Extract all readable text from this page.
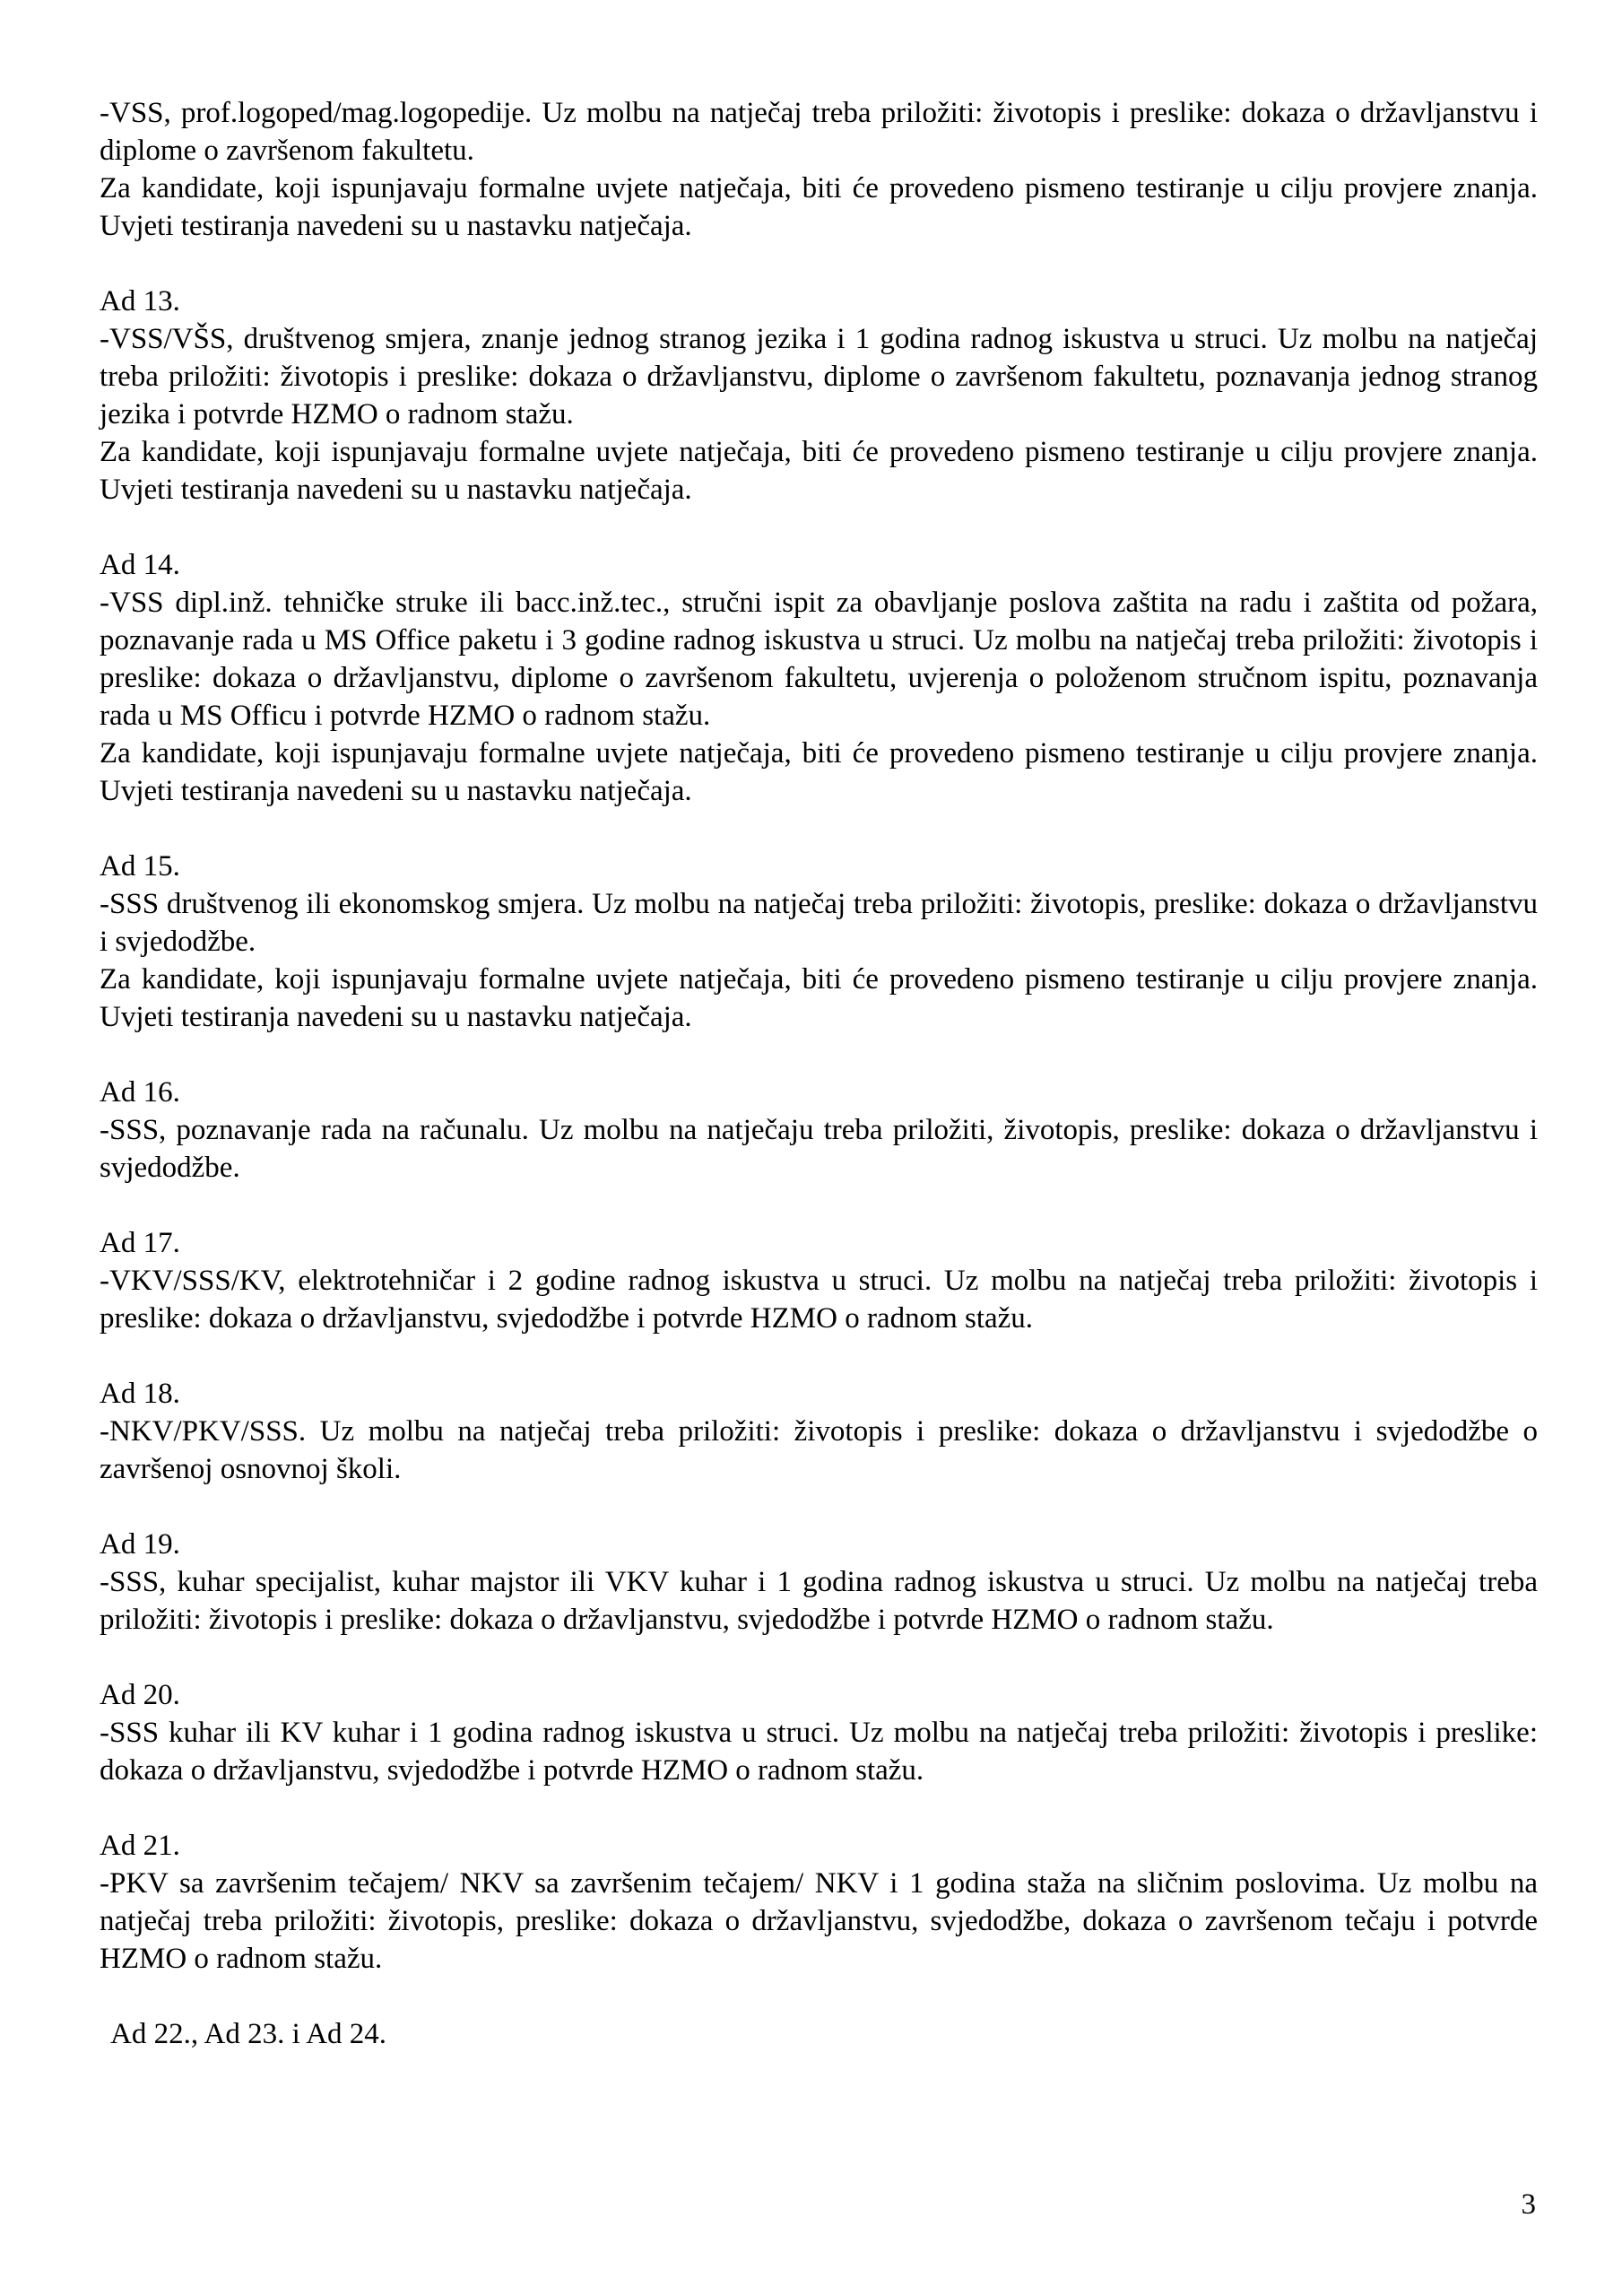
-VSS, prof.logoped/mag.logopedije. Uz molbu na natječaj treba priložiti: životopis i preslike: dokaza o državljanstvu i diplome o završenom fakultetu.

Za kandidate, koji ispunjavaju formalne uvjete natječaja, biti će provedeno pismeno testiranje u cilju provjere znanja. Uvjeti testiranja navedeni su u nastavku natječaja.

Ad 13.

-VSS/VŠS, društvenog smjera, znanje jednog stranog jezika i 1 godina radnog iskustva u struci. Uz molbu na natječaj treba priložiti: životopis i preslike: dokaza o državljanstvu, diplome o završenom fakultetu, poznavanja jednog stranog jezika i potvrde HZMO o radnom stažu.

Za kandidate, koji ispunjavaju formalne uvjete natječaja, biti će provedeno pismeno testiranje u cilju provjere znanja. Uvjeti testiranja navedeni su u nastavku natječaja.

Ad 14.

-VSS dipl.inž. tehničke struke ili bacc.inž.tec., stručni ispit za obavljanje poslova zaštita na radu i zaštita od požara, poznavanje rada u MS Office paketu i 3 godine radnog iskustva u struci. Uz molbu na natječaj treba priložiti: životopis i preslike: dokaza o državljanstvu, diplome o završenom fakultetu, uvjerenja o položenom stručnom ispitu, poznavanja rada u MS Officu i potvrde HZMO o radnom stažu.

Za kandidate, koji ispunjavaju formalne uvjete natječaja, biti će provedeno pismeno testiranje u cilju provjere znanja. Uvjeti testiranja navedeni su u nastavku natječaja.

Ad 15.

-SSS društvenog ili ekonomskog smjera. Uz molbu na natječaj treba priložiti: životopis, preslike: dokaza o državljanstvu i svjedodžbe.

Za kandidate, koji ispunjavaju formalne uvjete natječaja, biti će provedeno pismeno testiranje u cilju provjere znanja. Uvjeti testiranja navedeni su u nastavku natječaja.

Ad 16.

-SSS, poznavanje rada na računalu. Uz molbu na natječaju treba priložiti, životopis, preslike: dokaza o državljanstvu i svjedodžbe.

Ad 17.

-VKV/SSS/KV, elektrotehničar i 2 godine radnog iskustva u struci. Uz molbu na natječaj treba priložiti: životopis i preslike: dokaza o državljanstvu, svjedodžbe i potvrde HZMO o radnom stažu.

Ad 18.

-NKV/PKV/SSS. Uz molbu na natječaj treba priložiti: životopis i preslike: dokaza o državljanstvu i svjedodžbe o završenoj osnovnoj školi.

Ad 19.

-SSS, kuhar specijalist, kuhar majstor ili VKV kuhar i 1 godina radnog iskustva u struci. Uz molbu na natječaj treba priložiti: životopis i preslike: dokaza o državljanstvu, svjedodžbe i potvrde HZMO o radnom stažu.

Ad 20.

-SSS kuhar ili KV kuhar i 1 godina radnog iskustva u struci. Uz molbu na natječaj treba priložiti: životopis i preslike: dokaza o državljanstvu, svjedodžbe i potvrde HZMO o radnom stažu.

Ad 21.

-PKV sa završenim tečajem/ NKV sa završenim tečajem/ NKV i 1 godina staža na sličnim poslovima. Uz molbu na natječaj treba priložiti: životopis, preslike: dokaza o državljanstvu, svjedodžbe, dokaza o završenom tečaju i potvrde HZMO o radnom stažu.

Ad 22., Ad 23. i Ad 24.

3
